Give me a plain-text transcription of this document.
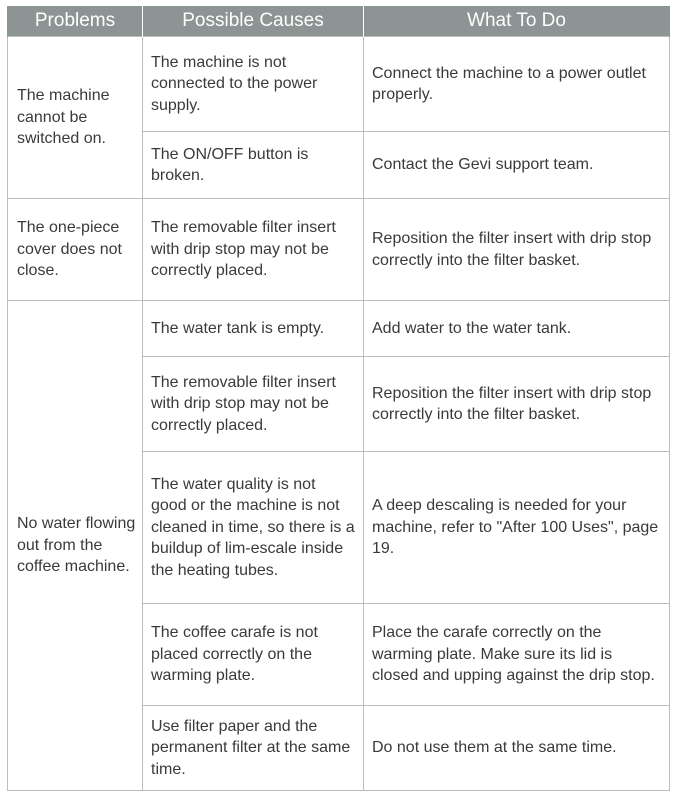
Problems	Possible Causes	What To Do
The machine cannot be switched on.	The machine is not connected to the power supply.	Connect the machine to a power outlet properly.
	The ON/OFF button is broken.	Contact the Gevi support team.
The one-piece cover does not close.	The removable filter insert with drip stop may not be correctly placed.	Reposition the filter insert with drip stop correctly into the filter basket.
No water flowing out from the coffee machine.	The water tank is empty.	Add water to the water tank.
	The removable filter insert with drip stop may not be correctly placed.	Reposition the filter insert with drip stop correctly into the filter basket.
	The water quality is not good or the machine is not cleaned in time, so there is a buildup of lim-escale inside the heating tubes.	A deep descaling is needed for your machine, refer to "After 100 Uses", page 19.
	The coffee carafe is not placed correctly on the warming plate.	Place the carafe correctly on the warming plate. Make sure its lid is closed and upping against the drip stop.
	Use filter paper and the permanent filter at the same time.	Do not use them at the same time.
